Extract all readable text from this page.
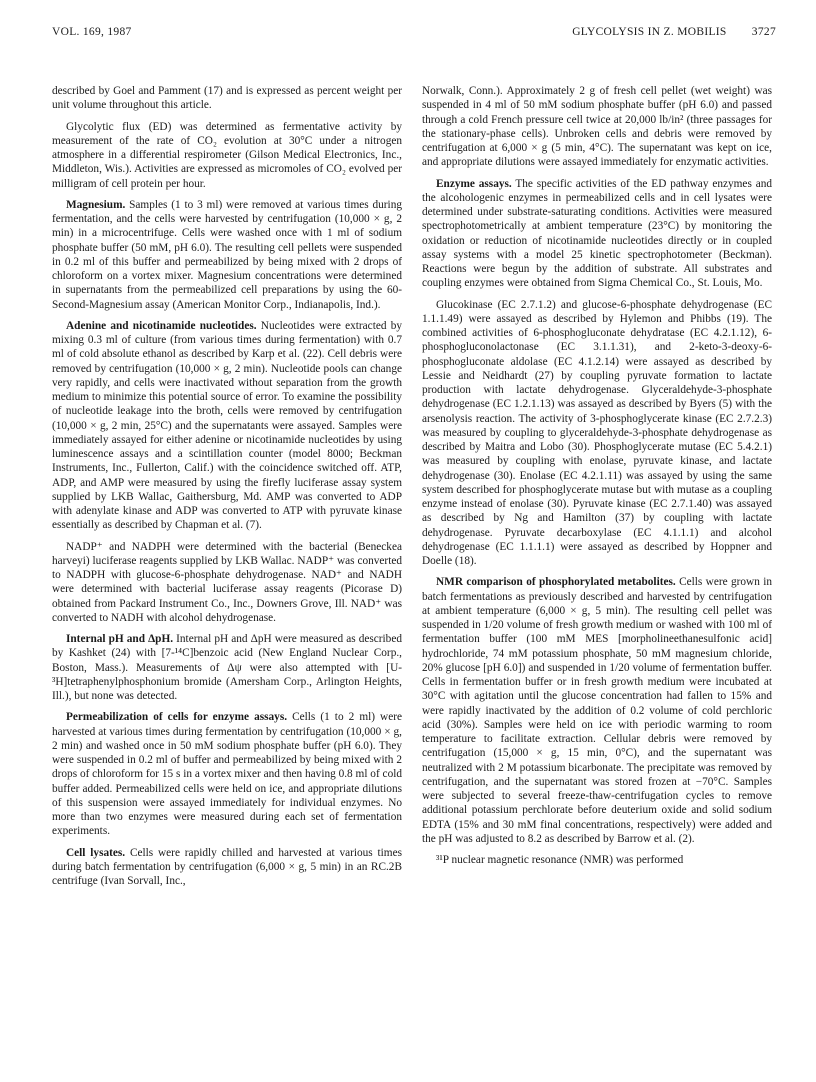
VOL. 169, 1987	GLYCOLYSIS IN Z. MOBILIS 3727

described by Goel and Pamment (17) and is expressed as percent weight per unit volume throughout this article.

Glycolytic flux (ED) was determined as fermentative activity by measurement of the rate of CO₂ evolution at 30°C under a nitrogen atmosphere in a differential respirometer (Gilson Medical Electronics, Inc., Middleton, Wis.). Activities are expressed as micromoles of CO₂ evolved per milligram of cell protein per hour.

Magnesium. Samples (1 to 3 ml) were removed at various times during fermentation, and the cells were harvested by centrifugation (10,000 × g, 2 min) in a microcentrifuge. Cells were washed once with 1 ml of sodium phosphate buffer (50 mM, pH 6.0). The resulting cell pellets were suspended in 0.2 ml of this buffer and permeabilized by being mixed with 2 drops of chloroform on a vortex mixer. Magnesium concentrations were determined in supernatants from the permeabilized cell preparations by using the 60-Second-Magnesium assay (American Monitor Corp., Indianapolis, Ind.).

Adenine and nicotinamide nucleotides. Nucleotides were extracted by mixing 0.3 ml of culture (from various times during fermentation) with 0.7 ml of cold absolute ethanol as described by Karp et al. (22). Cell debris were removed by centrifugation (10,000 × g, 2 min). Nucleotide pools can change very rapidly, and cells were inactivated without separation from the growth medium to minimize this potential source of error. To examine the possibility of nucleotide leakage into the broth, cells were removed by centrifugation (10,000 × g, 2 min, 25°C) and the supernatants were assayed. Samples were immediately assayed for either adenine or nicotinamide nucleotides by using luminescence assays and a scintillation counter (model 8000; Beckman Instruments, Inc., Fullerton, Calif.) with the coincidence switched off. ATP, ADP, and AMP were measured by using the firefly luciferase assay system supplied by LKB Wallac, Gaithersburg, Md. AMP was converted to ADP with adenylate kinase and ADP was converted to ATP with pyruvate kinase essentially as described by Chapman et al. (7).

NADP⁺ and NADPH were determined with the bacterial (Beneckea harveyi) luciferase reagents supplied by LKB Wallac. NADP⁺ was converted to NADPH with glucose-6-phosphate dehydrogenase. NAD⁺ and NADH were determined with bacterial luciferase assay reagents (Picorase D) obtained from Packard Instrument Co., Inc., Downers Grove, Ill. NAD⁺ was converted to NADH with alcohol dehydrogenase.

Internal pH and ΔpH. Internal pH and ΔpH were measured as described by Kashket (24) with [7-¹⁴C]benzoic acid (New England Nuclear Corp., Boston, Mass.). Measurements of Δψ were also attempted with [U-³H]tetraphenylphosphonium bromide (Amersham Corp., Arlington Heights, Ill.), but none was detected.

Permeabilization of cells for enzyme assays. Cells (1 to 2 ml) were harvested at various times during fermentation by centrifugation (10,000 × g, 2 min) and washed once in 50 mM sodium phosphate buffer (pH 6.0). They were suspended in 0.2 ml of buffer and permeabilized by being mixed with 2 drops of chloroform for 15 s in a vortex mixer and then having 0.8 ml of cold buffer added. Permeabilized cells were held on ice, and appropriate dilutions of this suspension were assayed immediately for individual enzymes. No more than two enzymes were measured during each set of fermentation experiments.

Cell lysates. Cells were rapidly chilled and harvested at various times during batch fermentation by centrifugation (6,000 × g, 5 min) in an RC.2B centrifuge (Ivan Sorvall, Inc.,

Norwalk, Conn.). Approximately 2 g of fresh cell pellet (wet weight) was suspended in 4 ml of 50 mM sodium phosphate buffer (pH 6.0) and passed through a cold French pressure cell twice at 20,000 lb/in² (three passages for the stationary-phase cells). Unbroken cells and debris were removed by centrifugation at 6,000 × g (5 min, 4°C). The supernatant was kept on ice, and appropriate dilutions were assayed immediately for enzymatic activities.

Enzyme assays. The specific activities of the ED pathway enzymes and the alcohologenic enzymes in permeabilized cells and in cell lysates were determined under substrate-saturating conditions. Activities were measured spectrophotometrically at ambient temperature (23°C) by monitoring the oxidation or reduction of nicotinamide nucleotides directly or in coupled assay systems with a model 25 kinetic spectrophotometer (Beckman). Reactions were begun by the addition of substrate. All substrates and coupling enzymes were obtained from Sigma Chemical Co., St. Louis, Mo.

Glucokinase (EC 2.7.1.2) and glucose-6-phosphate dehydrogenase (EC 1.1.1.49) were assayed as described by Hylemon and Phibbs (19). The combined activities of 6-phosphogluconate dehydratase (EC 4.2.1.12), 6-phosphogluconolactonase (EC 3.1.1.31), and 2-keto-3-deoxy-6-phosphogluconate aldolase (EC 4.1.2.14) were assayed as described by Lessie and Neidhardt (27) by coupling pyruvate formation to lactate production with lactate dehydrogenase. Glyceraldehyde-3-phosphate dehydrogenase (EC 1.2.1.13) was assayed as described by Byers (5) with the arsenolysis reaction. The activity of 3-phosphoglycerate kinase (EC 2.7.2.3) was measured by coupling to glyceraldehyde-3-phosphate dehydrogenase as described by Maitra and Lobo (30). Phosphoglycerate mutase (EC 5.4.2.1) was measured by coupling with enolase, pyruvate kinase, and lactate dehydrogenase (30). Enolase (EC 4.2.1.11) was assayed by using the same system described for phosphoglycerate mutase but with mutase as a coupling enzyme instead of enolase (30). Pyruvate kinase (EC 2.7.1.40) was assayed as described by Ng and Hamilton (37) by coupling with lactate dehydrogenase. Pyruvate decarboxylase (EC 4.1.1.1) and alcohol dehydrogenase (EC 1.1.1.1) were assayed as described by Hoppner and Doelle (18).

NMR comparison of phosphorylated metabolites. Cells were grown in batch fermentations as previously described and harvested by centrifugation at ambient temperature (6,000 × g, 5 min). The resulting cell pellet was suspended in 1/20 volume of fresh growth medium or washed with 100 ml of fermentation buffer (100 mM MES [morpholineethanesulfonic acid] hydrochloride, 74 mM potassium phosphate, 50 mM magnesium chloride, 20% glucose [pH 6.0]) and suspended in 1/20 volume of fermentation buffer. Cells in fermentation buffer or in fresh growth medium were incubated at 30°C with agitation until the glucose concentration had fallen to 15% and were rapidly inactivated by the addition of 0.2 volume of cold perchloric acid (30%). Samples were held on ice with periodic warming to room temperature to facilitate extraction. Cellular debris were removed by centrifugation (15,000 × g, 15 min, 0°C), and the supernatant was neutralized with 2 M potassium bicarbonate. The precipitate was removed by centrifugation, and the supernatant was stored frozen at −70°C. Samples were subjected to several freeze-thaw-centrifugation cycles to remove additional potassium perchlorate before deuterium oxide and solid sodium EDTA (15% and 30 mM final concentrations, respectively) were added and the pH was adjusted to 8.2 as described by Barrow et al. (2).

³¹P nuclear magnetic resonance (NMR) was performed
